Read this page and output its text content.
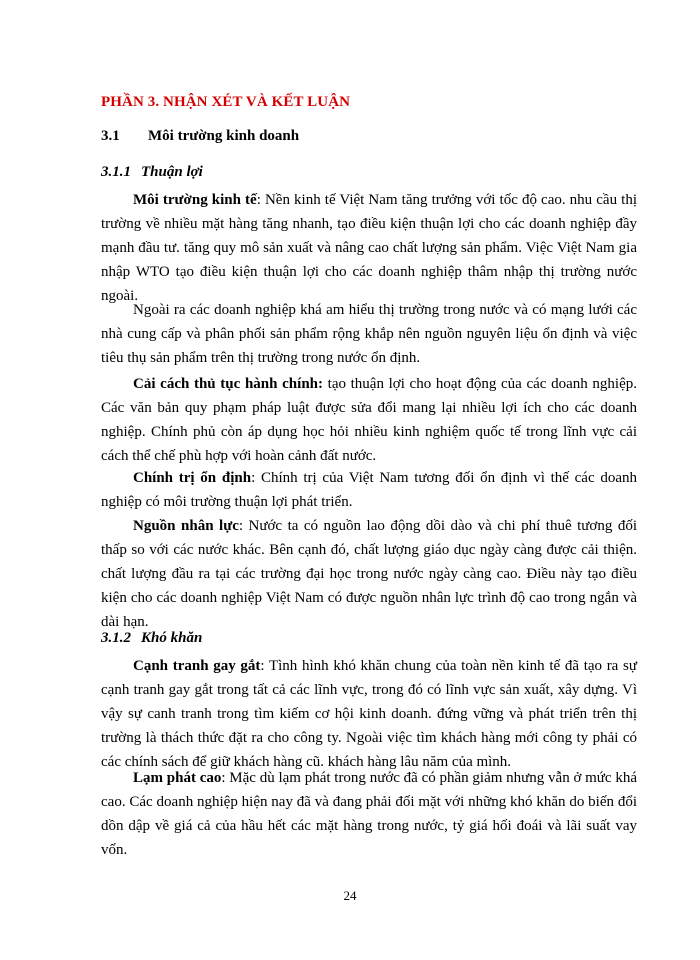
PHẦN 3. NHẬN XÉT VÀ KẾT LUẬN
3.1 Môi trường kinh doanh
3.1.1 Thuận lợi

Môi trường kinh tế: Nền kinh tế Việt Nam tăng trưởng với tốc độ cao. nhu cầu thị trường về nhiều mặt hàng tăng nhanh, tạo điều kiện thuận lợi cho các doanh nghiệp đầy mạnh đầu tư. tăng quy mô sản xuất và nâng cao chất lượng sản phẩm. Việc Việt Nam gia nhập WTO tạo điều kiện thuận lợi cho các doanh nghiệp thâm nhập thị trường nước ngoài.

Ngoài ra các doanh nghiệp khá am hiểu thị trường trong nước và có mạng lưới các nhà cung cấp và phân phối sản phẩm rộng khắp nên nguồn nguyên liệu ổn định và việc tiêu thụ sản phẩm trên thị trường trong nước ổn định.

Cải cách thủ tục hành chính: tạo thuận lợi cho hoạt động của các doanh nghiệp. Các văn bản quy phạm pháp luật được sửa đổi mang lại nhiều lợi ích cho các doanh nghiệp. Chính phủ còn áp dụng học hỏi nhiều kinh nghiệm quốc tế trong lĩnh vực cải cách thể chế phù hợp với hoàn cảnh đất nước.

Chính trị ổn định: Chính trị của Việt Nam tương đối ổn định vì thế các doanh nghiệp có môi trường thuận lợi phát triển.

Nguồn nhân lực: Nước ta có nguồn lao động dồi dào và chi phí thuê tương đối thấp so với các nước khác. Bên cạnh đó, chất lượng giáo dục ngày càng được cải thiện. chất lượng đầu ra tại các trường đại học trong nước ngày càng cao. Điều này tạo điều kiện cho các doanh nghiệp Việt Nam có được nguồn nhân lực trình độ cao trong ngắn và dài hạn.

3.1.2 Khó khăn

Cạnh tranh gay gắt: Tình hình khó khăn chung của toàn nền kinh tế đã tạo ra sự cạnh tranh gay gắt trong tất cả các lĩnh vực, trong đó có lĩnh vực sản xuất, xây dựng. Vì vậy sự canh tranh trong tìm kiếm cơ hội kinh doanh. đứng vững và phát triển trên thị trường là thách thức đặt ra cho công ty. Ngoài việc tìm khách hàng mới công ty phải có các chính sách để giữ khách hàng cũ. khách hàng lâu năm của mình.

Lạm phát cao: Mặc dù lạm phát trong nước đã có phần giảm nhưng vẫn ở mức khá cao. Các doanh nghiệp hiện nay đã và đang phải đối mặt với những khó khăn do biến đổi dồn dập về giá cả của hầu hết các mặt hàng trong nước, tỷ giá hối đoái và lãi suất vay vốn.

24
